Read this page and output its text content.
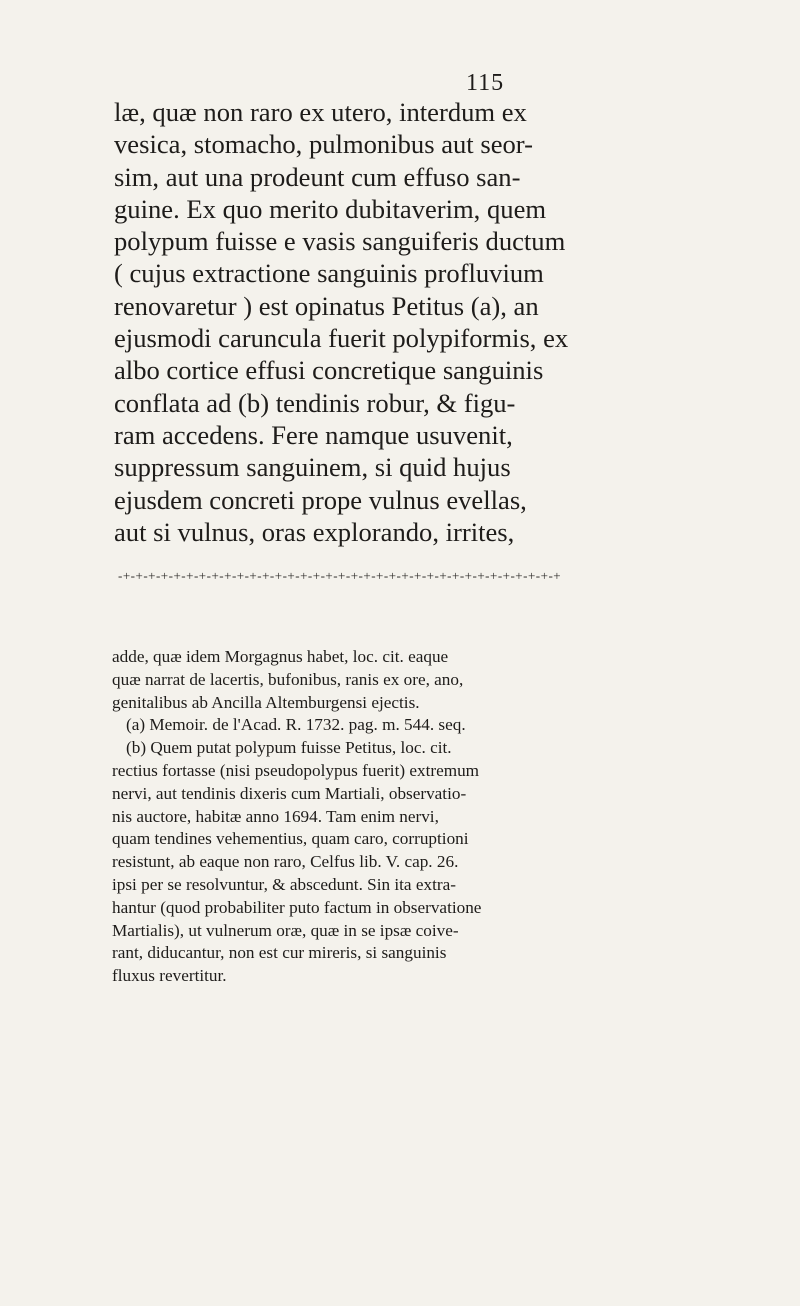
115
læ, quæ non raro ex utero, interdum ex
vesica, stomacho, pulmonibus aut seor-
sim, aut una prodeunt cum effuso san-
guine. Ex quo merito dubitaverim, quem
polypum fuisse e vasis sanguiferis ductum
( cujus extractione sanguinis profluvium
renovaretur ) est opinatus Petitus (a), an
ejusmodi caruncula fuerit polypiformis, ex
albo cortice effusi concretique sanguinis
conflata ad (b) tendinis robur, & figu-
ram accedens. Fere namque usuvenit,
suppressum sanguinem, si quid hujus
ejusdem concreti prope vulnus evellas,
aut si vulnus, oras explorando, irrites,
-+-+-+-+-+-+-+-+-+-+-+-+-+-+-+-+-+-+-+-+-+-+-+-+-+-+-+-+-+-+-+-+-+-+-+
adde, quæ idem Morgagnus habet, loc. cit. eaque
quæ narrat de lacertis, bufonibus, ranis ex ore, ano,
genitalibus ab Ancilla Altemburgensi ejectis.
(a) Memoir. de l'Acad. R. 1732. pag. m. 544. seq.
(b) Quem putat polypum fuisse Petitus, loc. cit.
rectius fortasse (nisi pseudopolypus fuerit) extremum
nervi, aut tendinis dixeris cum Martiali, observatio-
nis auctore, habitæ anno 1694. Tam enim nervi,
quam tendines vehementius, quam caro, corruptioni
resistunt, ab eaque non raro, Celfus lib. V. cap. 26.
ipsi per se resolvuntur, & abscedunt. Sin ita extra-
hantur (quod probabiliter puto factum in observatione
Martialis), ut vulnerum oræ, quæ in se ipsæ coive-
rant, diducantur, non est cur mireris, si sanguinis
fluxus revertitur.
